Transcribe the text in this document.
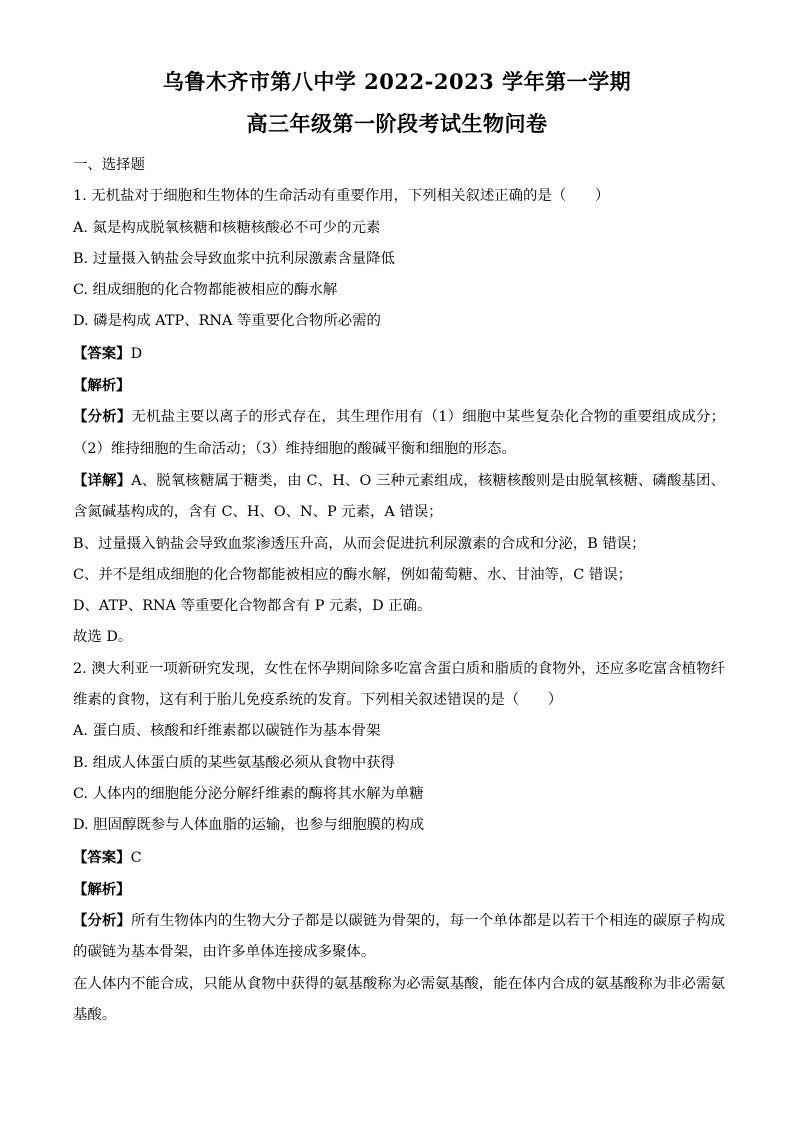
乌鲁木齐市第八中学 2022-2023 学年第一学期
高三年级第一阶段考试生物问卷
一、选择题
1. 无机盐对于细胞和生物体的生命活动有重要作用，下列相关叙述正确的是（　　）
A. 氮是构成脱氧核糖和核糖核酸必不可少的元素
B. 过量摄入钠盐会导致血浆中抗利尿激素含量降低
C. 组成细胞的化合物都能被相应的酶水解
D. 磷是构成 ATP、RNA 等重要化合物所必需的
【答案】D
【解析】
【分析】无机盐主要以离子的形式存在，其生理作用有（1）细胞中某些复杂化合物的重要组成成分；（2）维持细胞的生命活动；（3）维持细胞的酸碱平衡和细胞的形态。
【详解】A、脱氧核糖属于糖类，由 C、H、O 三种元素组成，核糖核酸则是由脱氧核糖、磷酸基团、含氮碱基构成的，含有 C、H、O、N、P 元素，A 错误；
B、过量摄入钠盐会导致血浆渗透压升高，从而会促进抗利尿激素的合成和分泌，B 错误；
C、并不是组成细胞的化合物都能被相应的酶水解，例如葡萄糖、水、甘油等，C 错误；
D、ATP、RNA 等重要化合物都含有 P 元素，D 正确。
故选 D。
2. 澳大利亚一项新研究发现，女性在怀孕期间除多吃富含蛋白质和脂质的食物外，还应多吃富含植物纤维素的食物，这有利于胎儿免疫系统的发育。下列相关叙述错误的是（　　）
A. 蛋白质、核酸和纤维素都以碳链作为基本骨架
B. 组成人体蛋白质的某些氨基酸必须从食物中获得
C. 人体内的细胞能分泌分解纤维素的酶将其水解为单糖
D. 胆固醇既参与人体血脂的运输，也参与细胞膜的构成
【答案】C
【解析】
【分析】所有生物体内的生物大分子都是以碳链为骨架的，每一个单体都是以若干个相连的碳原子构成的碳链为基本骨架，由许多单体连接成多聚体。
在人体内不能合成，只能从食物中获得的氨基酸称为必需氨基酸，能在体内合成的氨基酸称为非必需氨基酸。
